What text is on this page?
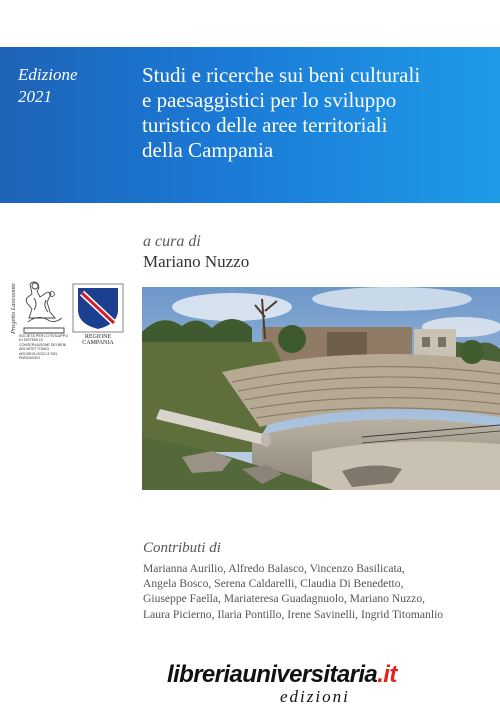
Edizione
2021
Studi e ricerche sui beni culturali
e paesaggistici per lo sviluppo
turistico delle aree territoriali
della Campania
a cura di
Mariano Nuzzo
Progetto Laocoonte
SOCIETÀ PER LO SVILUPPO DI SISTEMI DI CONSERVAZIONE DEI BENI ARCHITETTONICI, ARCHEOLOGICI E DEL PAESAGGIO
REGIONE CAMPANIA
Contributi di
Marianna Aurilio, Alfredo Balasco, Vincenzo Basilicata,
Angela Bosco, Serena Caldarelli, Claudia Di Benedetto,
Giuseppe Faella, Mariateresa Guadagnuolo, Mariano Nuzzo,
Laura Picierno, Ilaria Pontillo, Irene Savinelli, Ingrid Titomanlio
libreriauniversitaria.it
edizioni
